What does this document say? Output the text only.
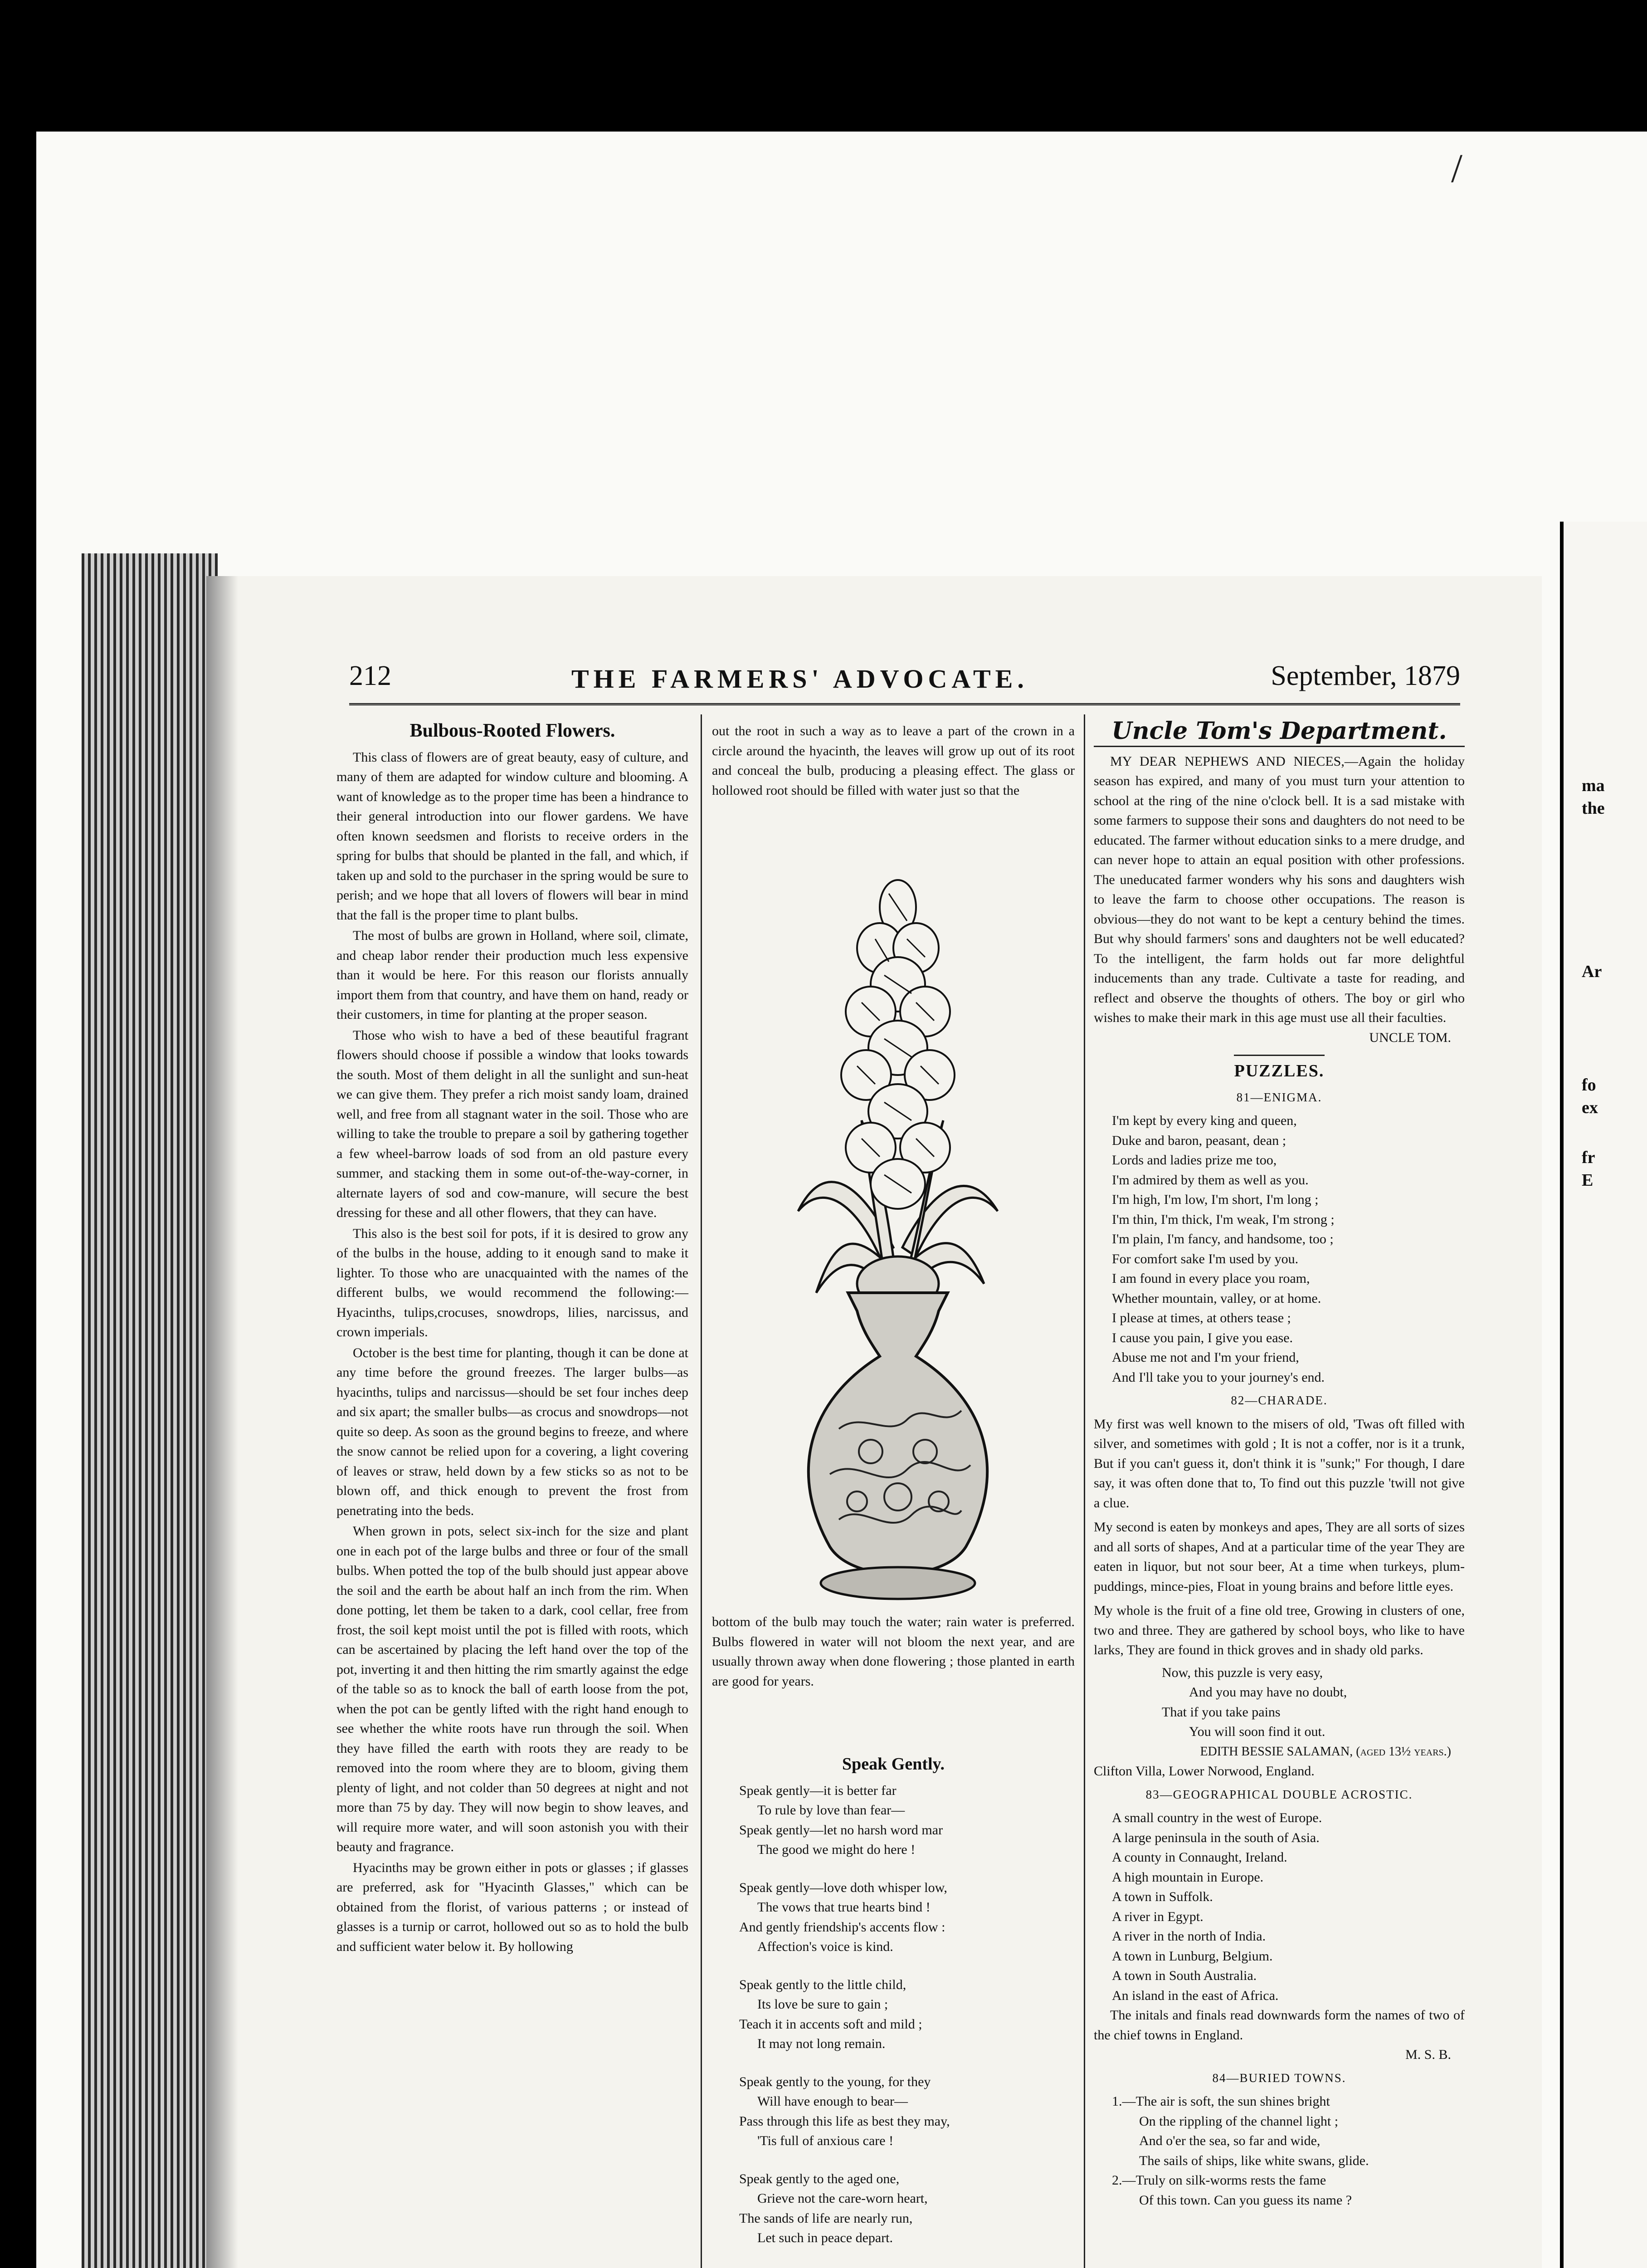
/
ma
the
Ar
fo
ex
fr
E
212	THE FARMERS' ADVOCATE.	September, 1879
Bulbous-Rooted Flowers.

This class of flowers are of great beauty, easy of culture, and many of them are adapted for window culture and blooming. A want of knowledge as to the proper time has been a hindrance to their general introduction into our flower gardens. We have often known seedsmen and florists to receive orders in the spring for bulbs that should be planted in the fall, and which, if taken up and sold to the purchaser in the spring would be sure to perish; and we hope that all lovers of flowers will bear in mind that the fall is the proper time to plant bulbs.

The most of bulbs are grown in Holland, where soil, climate, and cheap labor render their production much less expensive than it would be here. For this reason our florists annually import them from that country, and have them on hand, ready or their customers, in time for planting at the proper season.

Those who wish to have a bed of these beautiful fragrant flowers should choose if possible a window that looks towards the south. Most of them delight in all the sunlight and sun-heat we can give them. They prefer a rich moist sandy loam, drained well, and free from all stagnant water in the soil. Those who are willing to take the trouble to prepare a soil by gathering together a few wheel-barrow loads of sod from an old pasture every summer, and stacking them in some out-of-the-way-corner, in alternate layers of sod and cow-manure, will secure the best dressing for these and all other flowers, that they can have.

This also is the best soil for pots, if it is desired to grow any of the bulbs in the house, adding to it enough sand to make it lighter. To those who are unacquainted with the names of the different bulbs, we would recommend the following:—Hyacinths, tulips,crocuses, snowdrops, lilies, narcissus, and crown imperials.

October is the best time for planting, though it can be done at any time before the ground freezes. The larger bulbs—as hyacinths, tulips and narcissus—should be set four inches deep and six apart; the smaller bulbs—as crocus and snowdrops—not quite so deep. As soon as the ground begins to freeze, and where the snow cannot be relied upon for a covering, a light covering of leaves or straw, held down by a few sticks so as not to be blown off, and thick enough to prevent the frost from penetrating into the beds.

When grown in pots, select six-inch for the size and plant one in each pot of the large bulbs and three or four of the small bulbs. When potted the top of the bulb should just appear above the soil and the earth be about half an inch from the rim. When done potting, let them be taken to a dark, cool cellar, free from frost, the soil kept moist until the pot is filled with roots, which can be ascertained by placing the left hand over the top of the pot, inverting it and then hitting the rim smartly against the edge of the table so as to knock the ball of earth loose from the pot, when the pot can be gently lifted with the right hand enough to see whether the white roots have run through the soil. When they have filled the earth with roots they are ready to be removed into the room where they are to bloom, giving them plenty of light, and not colder than 50 degrees at night and not more than 75 by day. They will now begin to show leaves, and will require more water, and will soon astonish you with their beauty and fragrance.

Hyacinths may be grown either in pots or glasses ; if glasses are preferred, ask for "Hyacinth Glasses," which can be obtained from the florist, of various patterns ; or instead of glasses is a turnip or carrot, hollowed out so as to hold the bulb and sufficient water below it. By hollowing

out the root in such a way as to leave a part of the crown in a circle around the hyacinth, the leaves will grow up out of its root and conceal the bulb, producing a pleasing effect. The glass or hollowed root should be filled with water just so that the

bottom of the bulb may touch the water; rain water is preferred. Bulbs flowered in water will not bloom the next year, and are usually thrown away when done flowering ; those planted in earth are good for years.

Speak Gently.
Speak gently—it is better far
To rule by love than fear—
Speak gently—let no harsh word mar
The good we might do here !
Speak gently—love doth whisper low,
The vows that true hearts bind !
And gently friendship's accents flow :
Affection's voice is kind.
Speak gently to the little child,
Its love be sure to gain ;
Teach it in accents soft and mild ;
It may not long remain.
Speak gently to the young, for they
Will have enough to bear—
Pass through this life as best they may,
'Tis full of anxious care !
Speak gently to the aged one,
Grieve not the care-worn heart,
The sands of life are nearly run,
Let such in peace depart.
Uncle Tom's Department.

MY DEAR NEPHEWS AND NIECES,—Again the holiday season has expired, and many of you must turn your attention to school at the ring of the nine o'clock bell. It is a sad mistake with some farmers to suppose their sons and daughters do not need to be educated. The farmer without education sinks to a mere drudge, and can never hope to attain an equal position with other professions. The uneducated farmer wonders why his sons and daughters wish to leave the farm to choose other occupations. The reason is obvious—they do not want to be kept a century behind the times. But why should farmers' sons and daughters not be well educated? To the intelligent, the farm holds out far more delightful inducements than any trade. Cultivate a taste for reading, and reflect and observe the thoughts of others. The boy or girl who wishes to make their mark in this age must use all their faculties.

UNCLE TOM.
PUZZLES.
81—ENIGMA.
I'm kept by every king and queen,
Duke and baron, peasant, dean ;
Lords and ladies prize me too,
I'm admired by them as well as you.
I'm high, I'm low, I'm short, I'm long ;
I'm thin, I'm thick, I'm weak, I'm strong ;
I'm plain, I'm fancy, and handsome, too ;
For comfort sake I'm used by you.
I am found in every place you roam,
Whether mountain, valley, or at home.
I please at times, at others tease ;
I cause you pain, I give you ease.
Abuse me not and I'm your friend,
And I'll take you to your journey's end.
82—CHARADE.

My first was well known to the misers of old, 'Twas oft filled with silver, and sometimes with gold ; It is not a coffer, nor is it a trunk, But if you can't guess it, don't think it is "sunk;" For though, I dare say, it was often done that to, To find out this puzzle 'twill not give a clue.

My second is eaten by monkeys and apes, They are all sorts of sizes and all sorts of shapes, And at a particular time of the year They are eaten in liquor, but not sour beer, At a time when turkeys, plum-puddings, mince-pies, Float in young brains and before little eyes.

My whole is the fruit of a fine old tree, Growing in clusters of one, two and three. They are gathered by school boys, who like to have larks, They are found in thick groves and in shady old parks.

Now, this puzzle is very easy,
And you may have no doubt,
That if you take pains
You will soon find it out.
EDITH BESSIE SALAMAN, (aged 13½ years.)
Clifton Villa, Lower Norwood, England.
83—GEOGRAPHICAL DOUBLE ACROSTIC.
A small country in the west of Europe.
A large peninsula in the south of Asia.
A county in Connaught, Ireland.
A high mountain in Europe.
A town in Suffolk.
A river in Egypt.
A river in the north of India.
A town in Lunburg, Belgium.
A town in South Australia.
An island in the east of Africa.

The initals and finals read downwards form the names of two of the chief towns in England.

M. S. B.
84—BURIED TOWNS.
1.—The air is soft, the sun shines bright
On the rippling of the channel light ;
And o'er the sea, so far and wide,
The sails of ships, like white swans, glide.
2.—Truly on silk-worms rests the fame
Of this town. Can you guess its name ?
